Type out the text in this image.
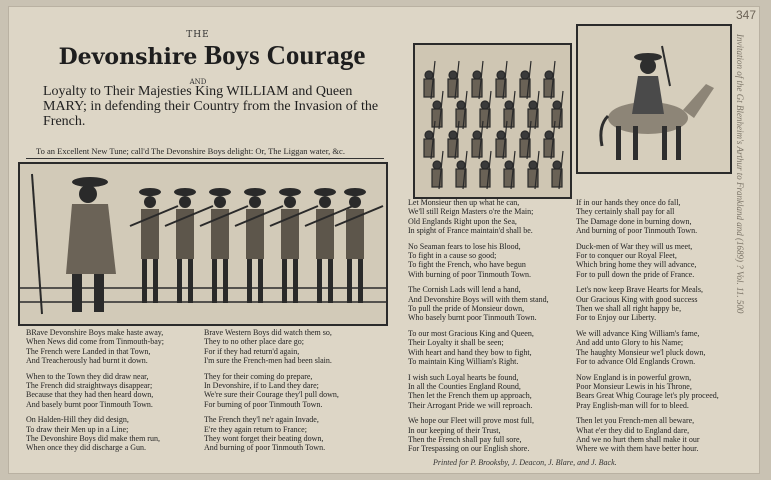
347
Invitation of the Gt Blenheim's Arthur to Frankland and (1689) ? Vol. 11. 500
THE
Devonshire Boys Courage
AND
Loyalty to Their Majesties King WILLIAM and Queen MARY; in defending their Country from the Invasion of the French.
To an Excellent New Tune; call'd The Devonshire Boys delight: Or, The Liggan water, &c.
BRave Devonshire Boys make haste away,
When News did come from Tinmouth-bay;
The French were Landed in that Town,
And Treacherously had burnt it down.
When to the Town they did draw near,
The French did straightways disappear;
Because that they had then heard down,
And basely burnt poor Tinmouth Town.
On Halden-Hill they did design,
To draw their Men up in a Line;
The Devonshire Boys did make them run,
When once they did discharge a Gun.
Brave Western Boys did watch them so,
They to no other place dare go;
For if they had return'd again,
I'm sure the French-men had been slain.
They for their coming do prepare,
In Devonshire, if to Land they dare;
We're sure their Courage they'l pull down,
For burning of poor Tinmouth Town.
The French they'l ne'r again Invade,
E're they again return to France;
They wont forget their beating down,
And burning of poor Tinmouth Town.
Let Monsieur then up what he can,
We'll still Reign Masters o're the Main;
Old Englands Right upon the Sea,
In spight of France maintain'd shall be.
No Seaman fears to lose his Blood,
To fight in a cause so good;
To fight the French, who have begun
With burning of poor Tinmouth Town.
The Cornish Lads will lend a hand,
And Devonshire Boys will with them stand,
To pull the pride of Monsieur down,
Who basely burnt poor Tinmouth Town.
To our most Gracious King and Queen,
Their Loyalty it shall be seen;
With heart and hand they bow to fight,
To maintain King William's Right.
I wish such Loyal hearts be found,
In all the Counties England Round,
Then let the French them up approach,
Their Arrogant Pride we will reproach.
We hope our Fleet will prove most full,
In our keeping of their Trust,
Then the French shall pay full sore,
For Trespassing on our English shore.
If in our hands they once do fall,
They certainly shall pay for all
The Damage done in burning down,
And burning of poor Tinmouth Town.
Duck-men of War they will us meet,
For to conquer our Royal Fleet,
Which bring home they will advance,
For to pull down the pride of France.
Let's now keep Brave Hearts for Meals,
Our Gracious King with good success
Then we shall all right happy be,
For to Enjoy our Liberty.
We will advance King William's fame,
And add unto Glory to his Name;
The haughty Monsieur we'l pluck down,
For to advance Old Englands Crown.
Now England is in powerful grown,
Poor Monsieur Lewis in his Throne,
Bears Great Whig Courage let's ply proceed,
Pray English-man will for to bleed.
Then let you French-men all beware,
What e'er they did to England dare,
And we no hurt them shall make it our
Where we with them have better hour.
Printed for P. Brooksby, J. Deacon, J. Blare, and J. Back.
